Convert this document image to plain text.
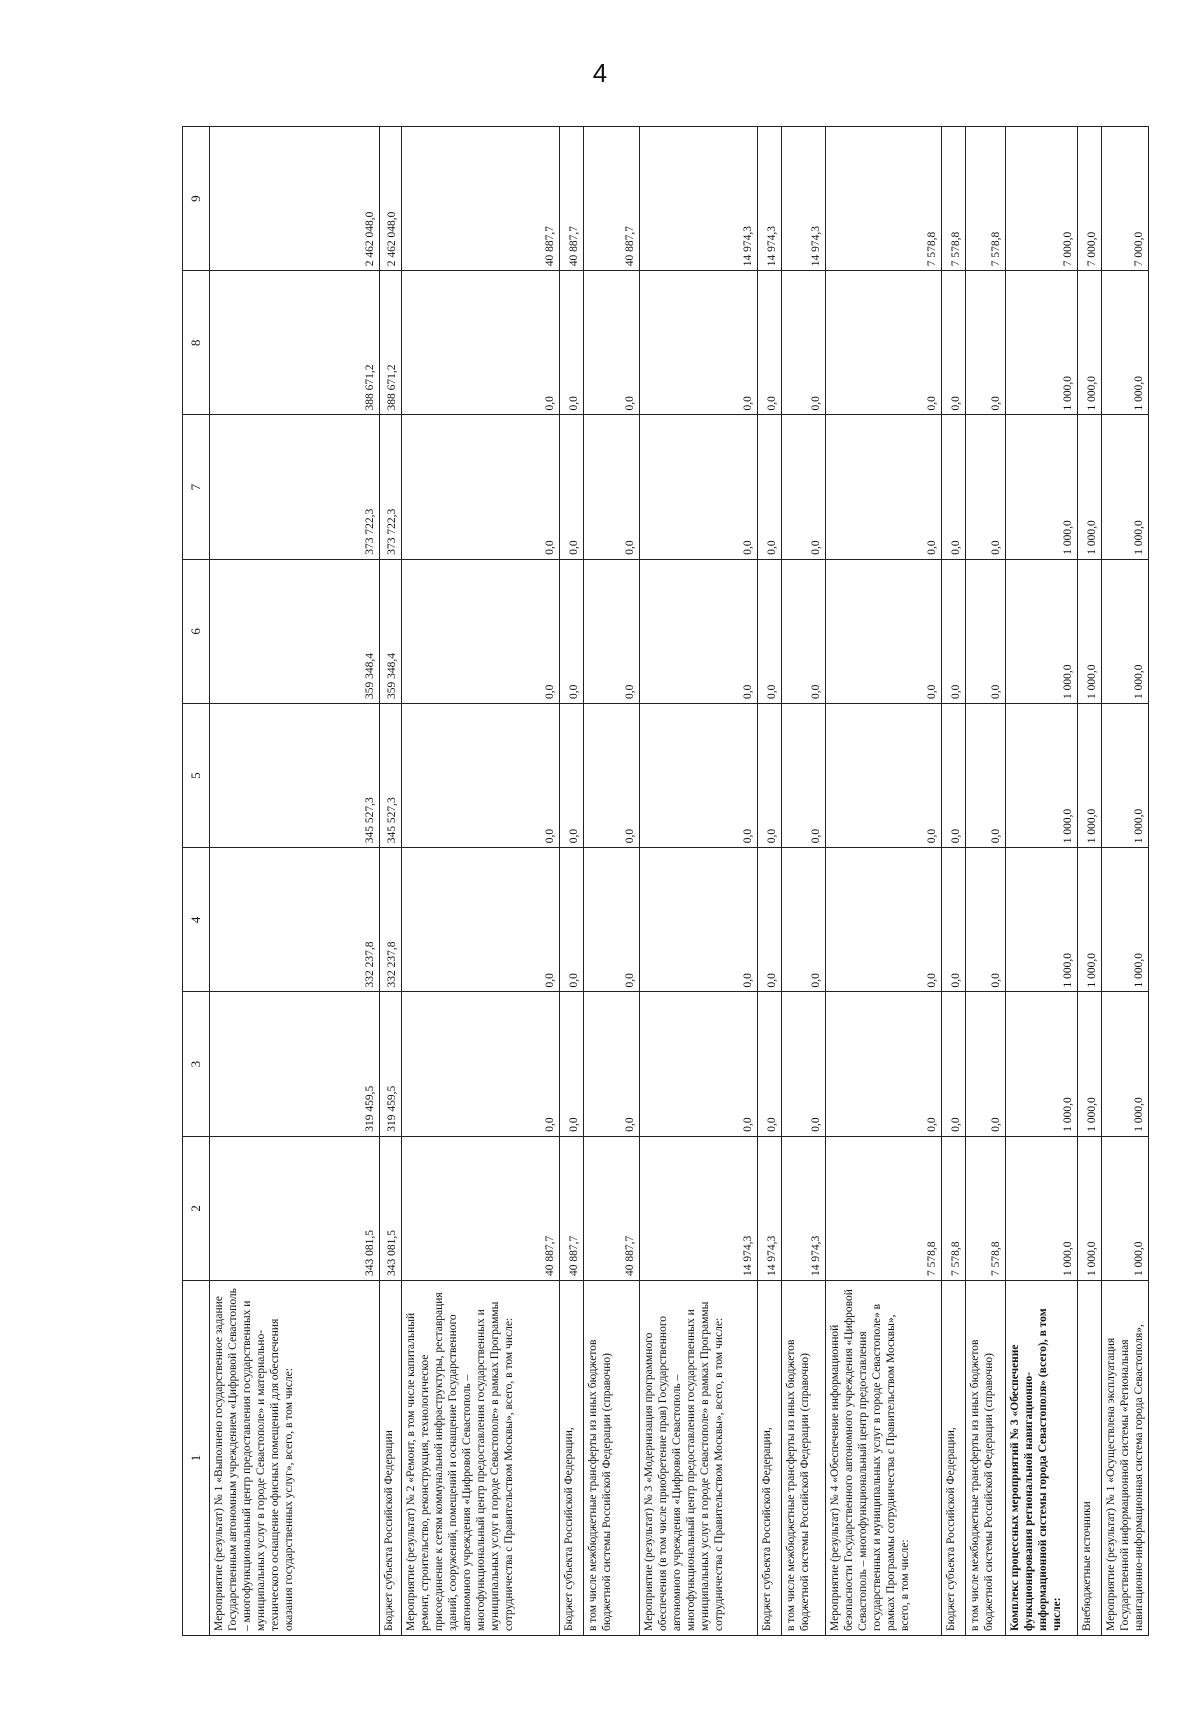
4
1	2	3	4	5	6	7	8	9
Мероприятие (результат) № 1 «Выполнено государственное задание Государственным автономным учреждением «Цифровой Севастополь – многофункциональный центр предоставления государственных и муниципальных услуг в городе Севастополе» и материально-технического оснащение офисных помещений для обеспечения оказания государственных услуг», всего, в том числе:	343 081,5	319 459,5	332 237,8	345 527,3	359 348,4	373 722,3	388 671,2	2 462 048,0
Бюджет субъекта Российской Федерации	343 081,5	319 459,5	332 237,8	345 527,3	359 348,4	373 722,3	388 671,2	2 462 048,0
Мероприятие (результат) № 2 «Ремонт, в том числе капитальный ремонт, строительство, реконструкция, технологическое присоединение к сетям коммунальной инфраструктуры, реставрация зданий, сооружений, помещений и оснащение Государственного автономного учреждения «Цифровой Севастополь – многофункциональный центр предоставления государственных и муниципальных услуг в городе Севастополе» в рамках Программы сотрудничества с Правительством Москвы», всего, в том числе:	40 887,7	0,0	0,0	0,0	0,0	0,0	0,0	40 887,7
Бюджет субъекта Российской Федерации,	40 887,7	0,0	0,0	0,0	0,0	0,0	0,0	40 887,7
в том числе межбюджетные трансферты из иных бюджетов бюджетной системы Российской Федерации (справочно)	40 887,7	0,0	0,0	0,0	0,0	0,0	0,0	40 887,7
Мероприятие (результат) № 3 «Модернизация программного обеспечения (в том числе приобретение прав) Государственного автономного учреждения «Цифровой Севастополь – многофункциональный центр предоставления государственных и муниципальных услуг в городе Севастополе» в рамках Программы сотрудничества с Правительством Москвы», всего, в том числе:	14 974,3	0,0	0,0	0,0	0,0	0,0	0,0	14 974,3
Бюджет субъекта Российской Федерации,	14 974,3	0,0	0,0	0,0	0,0	0,0	0,0	14 974,3
в том числе межбюджетные трансферты из иных бюджетов бюджетной системы Российской Федерации (справочно)	14 974,3	0,0	0,0	0,0	0,0	0,0	0,0	14 974,3
Мероприятие (результат) № 4 «Обеспечение информационной безопасности Государственного автономного учреждения «Цифровой Севастополь – многофункциональный центр предоставления государственных и муниципальных услуг в городе Севастополе» в рамках Программы сотрудничества с Правительством Москвы», всего, в том числе:	7 578,8	0,0	0,0	0,0	0,0	0,0	0,0	7 578,8
Бюджет субъекта Российской Федерации,	7 578,8	0,0	0,0	0,0	0,0	0,0	0,0	7 578,8
в том числе межбюджетные трансферты из иных бюджетов бюджетной системы Российской Федерации (справочно)	7 578,8	0,0	0,0	0,0	0,0	0,0	0,0	7 578,8
Комплекс процессных мероприятий № 3 «Обеспечение функционирования региональной навигационно-информационной системы города Севастополя» (всего), в том числе:	1 000,0	1 000,0	1 000,0	1 000,0	1 000,0	1 000,0	1 000,0	7 000,0
Внебюджетные источники	1 000,0	1 000,0	1 000,0	1 000,0	1 000,0	1 000,0	1 000,0	7 000,0
Мероприятие (результат) № 1 «Осуществлена эксплуатация Государственной информационной системы «Региональная навигационно-информационная система города Севастополя»,	1 000,0	1 000,0	1 000,0	1 000,0	1 000,0	1 000,0	1 000,0	7 000,0
